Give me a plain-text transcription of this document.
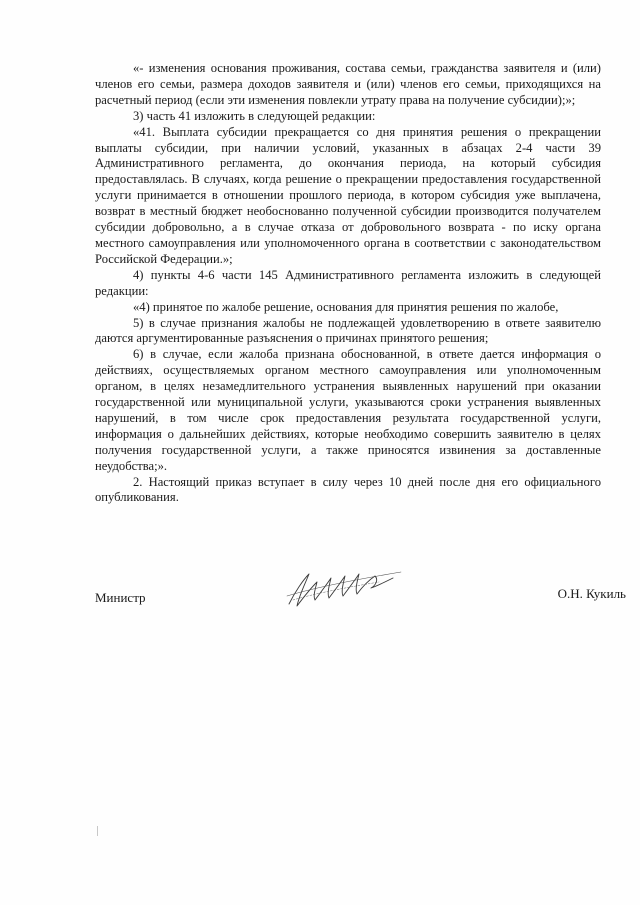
«- изменения основания проживания, состава семьи, гражданства заявителя и (или) членов его семьи, размера доходов заявителя и (или) членов его семьи, приходящихся на расчетный период (если эти изменения повлекли утрату права на получение субсидии);»;

3) часть 41 изложить в следующей редакции:

«41. Выплата субсидии прекращается со дня принятия решения о прекращении выплаты субсидии, при наличии условий, указанных в абзацах 2-4 части 39 Административного регламента, до окончания периода, на который субсидия предоставлялась. В случаях, когда решение о прекращении предоставления государственной услуги принимается в отношении прошлого периода, в котором субсидия уже выплачена, возврат в местный бюджет необоснованно полученной субсидии производится получателем субсидии добровольно, а в случае отказа от добровольного возврата - по иску органа местного самоуправления или уполномоченного органа в соответствии с законодательством Российской Федерации.»;

4) пункты 4-6 части 145 Административного регламента изложить в следующей редакции:

«4) принятое по жалобе решение, основания для принятия решения по жалобе,

5) в случае признания жалобы не подлежащей удовлетворению в ответе заявителю даются аргументированные разъяснения о причинах принятого решения;

6) в случае, если жалоба признана обоснованной, в ответе дается информация о действиях, осуществляемых органом местного самоуправления или уполномоченным органом, в целях незамедлительного устранения выявленных нарушений при оказании государственной или муниципальной услуги, указываются сроки устранения выявленных нарушений, в том числе срок предоставления результата государственной услуги, информация о дальнейших действиях, которые необходимо совершить заявителю в целях получения государственной услуги, а также приносятся извинения за доставленные неудобства;».

2. Настоящий приказ вступает в силу через 10 дней после дня его официального опубликования.

Министр	О.Н. Кукиль
